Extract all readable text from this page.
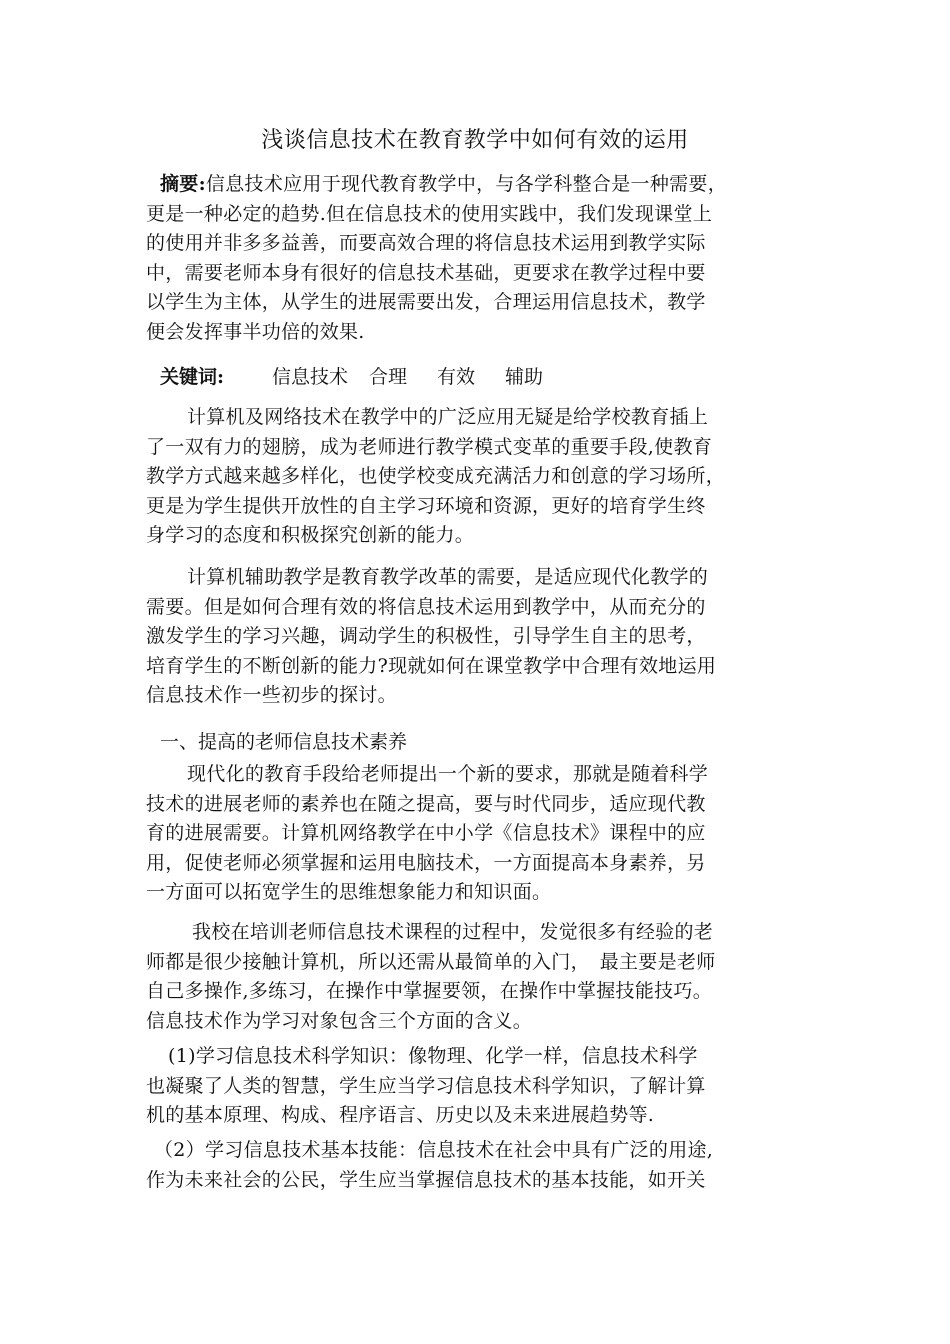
浅谈信息技术在教育教学中如何有效的运用
摘要:信息技术应用于现代教育教学中，与各学科整合是一种需要，
更是一种必定的趋势.但在信息技术的使用实践中，我们发现课堂上
的使用并非多多益善，而要高效合理的将信息技术运用到教学实际
中，需要老师本身有很好的信息技术基础，更要求在教学过程中要
以学生为主体，从学生的进展需要出发，合理运用信息技术，教学
便会发挥事半功倍的效果.
关键词:	信息技术 合理 有效 辅助
计算机及网络技术在教学中的广泛应用无疑是给学校教育插上
了一双有力的翅膀，成为老师进行教学模式变革的重要手段,使教育
教学方式越来越多样化，也使学校变成充满活力和创意的学习场所，
更是为学生提供开放性的自主学习环境和资源，更好的培育学生终
身学习的态度和积极探究创新的能力。
计算机辅助教学是教育教学改革的需要，是适应现代化教学的
需要。但是如何合理有效的将信息技术运用到教学中，从而充分的
激发学生的学习兴趣，调动学生的积极性，引导学生自主的思考，
培育学生的不断创新的能力?现就如何在课堂教学中合理有效地运用
信息技术作一些初步的探讨。
一、提高的老师信息技术素养
现代化的教育手段给老师提出一个新的要求，那就是随着科学
技术的进展老师的素养也在随之提高，要与时代同步，适应现代教
育的进展需要。计算机网络教学在中小学《信息技术》课程中的应
用，促使老师必须掌握和运用电脑技术，一方面提高本身素养，另
一方面可以拓宽学生的思维想象能力和知识面。
我校在培训老师信息技术课程的过程中，发觉很多有经验的老
师都是很少接触计算机，所以还需从最简单的入门，　最主要是老师
自己多操作,多练习，在操作中掌握要领，在操作中掌握技能技巧。
信息技术作为学习对象包含三个方面的含义。
(1)学习信息技术科学知识：像物理、化学一样，信息技术科学
也凝聚了人类的智慧，学生应当学习信息技术科学知识，了解计算
机的基本原理、构成、程序语言、历史以及未来进展趋势等.
（2）学习信息技术基本技能：信息技术在社会中具有广泛的用途,
作为未来社会的公民，学生应当掌握信息技术的基本技能，如开关
